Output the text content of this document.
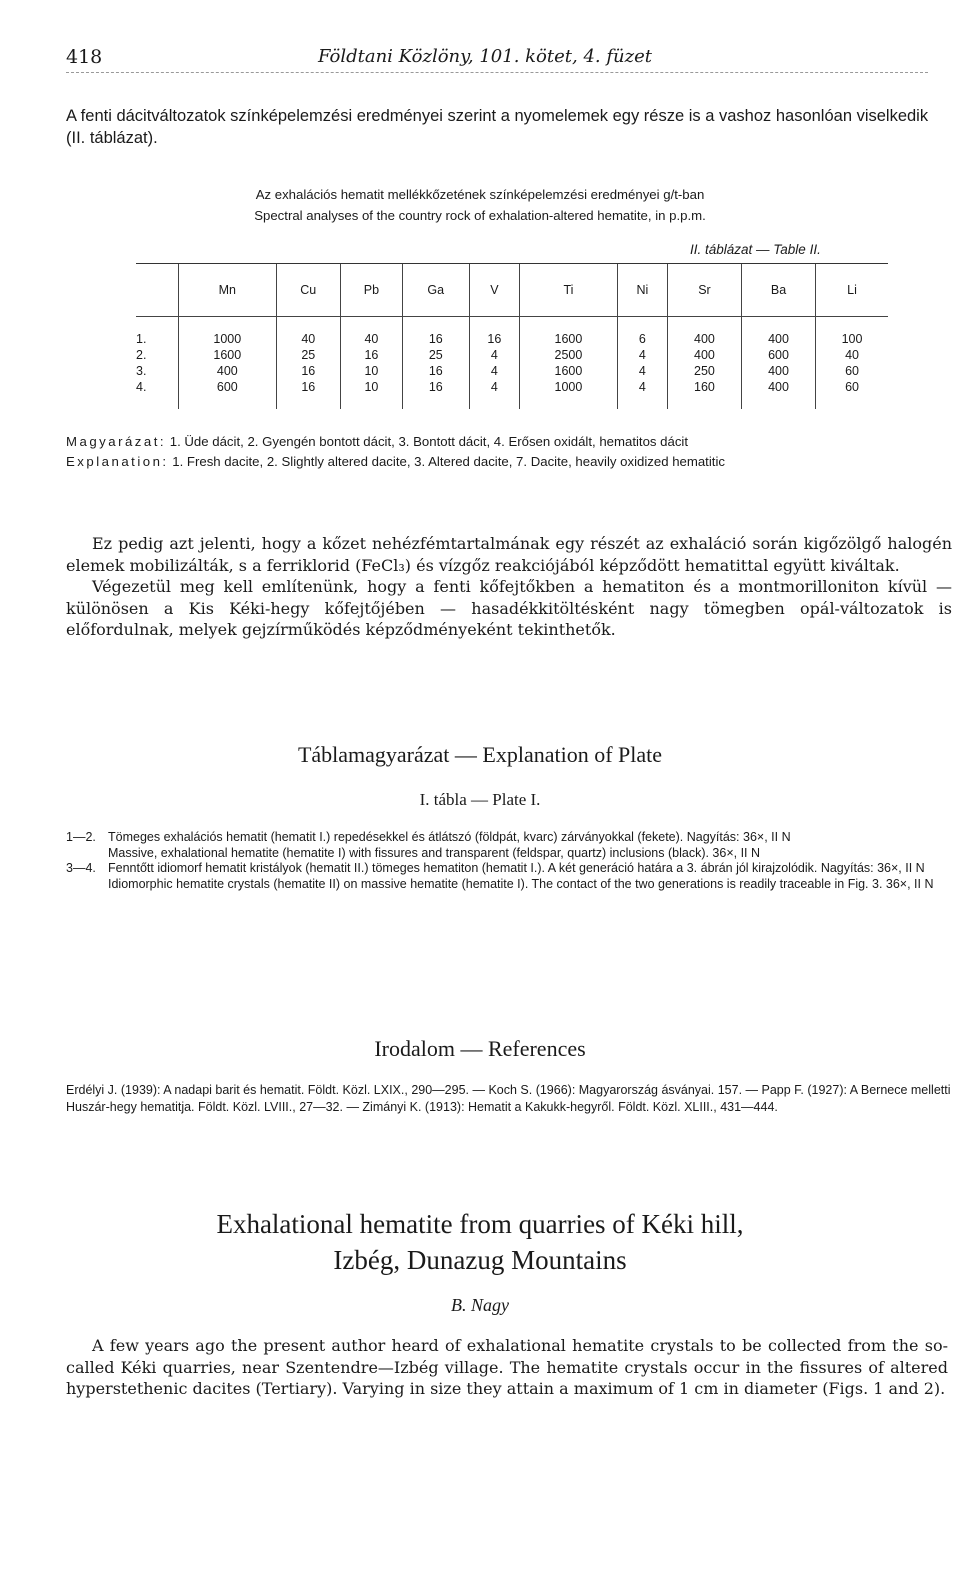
418	Földtani Közlöny, 101. kötet, 4. füzet
A fenti dácitváltozatok színképelemzési eredményei szerint a nyomelemek egy része is a vashoz hasonlóan viselkedik (II. táblázat).
Az exhalációs hematit mellékkőzetének színképelemzési eredményei g/t-ban
Spectral analyses of the country rock of exhalation-altered hematite, in p.p.m.
II. táblázat — Table II.
	Mn	Cu	Pb	Ga	V	Ti	Ni	Sr	Ba	Li
1.	1000	40	40	16	16	1600	6	400	400	100
2.	1600	25	16	25	4	2500	4	400	600	40
3.	400	16	10	16	4	1600	4	250	400	60
4.	600	16	10	16	4	1000	4	160	400	60
Magyarázat: 1. Üde dácit, 2. Gyengén bontott dácit, 3. Bontott dácit, 4. Erősen oxidált, hematitos dácit
Explanation: 1. Fresh dacite, 2. Slightly altered dacite, 3. Altered dacite, 7. Dacite, heavily oxidized hematitic
Ez pedig azt jelenti, hogy a kőzet nehézfémtartalmának egy részét az exhaláció során kigőzölgő halogén elemek mobilizálták, s a ferriklorid (FeCl₃) és vízgőz reakciójából képződött hematittal együtt kiváltak.
Végezetül meg kell említenünk, hogy a fenti kőfejtőkben a hematiton és a montmorilloniton kívül — különösen a Kis Kéki-hegy kőfejtőjében — hasadékkitöltésként nagy tömegben opál-változatok is előfordulnak, melyek gejzírműködés képződményeként tekinthetők.
Táblamagyarázat — Explanation of Plate
I. tábla — Plate I.
1—2. Tömeges exhalációs hematit (hematit I.) repedésekkel és átlátszó (földpát, kvarc) zárványokkal (fekete). Nagyítás: 36×, II N
Massive, exhalational hematite (hematite I) with fissures and transparent (feldspar, quartz) inclusions (black). 36×, II N
3—4. Fenntőtt idiomorf hematit kristályok (hematit II.) tömeges hematiton (hematit I.). A két generáció határa a 3. ábrán jól kirajzolódik. Nagyítás: 36×, II N
Idiomorphic hematite crystals (hematite II) on massive hematite (hematite I). The contact of the two generations is readily traceable in Fig. 3. 36×, II N
Irodalom — References
Erdélyi J. (1939): A nadapi barit és hematit. Földt. Közl. LXIX., 290—295. — Koch S. (1966): Magyarország ásványai. 157. — Papp F. (1927): A Bernece melletti Huszár-hegy hematitja. Földt. Közl. LVIII., 27—32. — Zimányi K. (1913): Hematit a Kakukk-hegyről. Földt. Közl. XLIII., 431—444.
Exhalational hematite from quarries of Kéki hill,
Izbég, Dunazug Mountains
B. Nagy
A few years ago the present author heard of exhalational hematite crystals to be collected from the so-called Kéki quarries, near Szentendre—Izbég village. The hematite crystals occur in the fissures of altered hyperstethenic dacites (Tertiary). Varying in size they attain a maximum of 1 cm in diameter (Figs. 1 and 2).
